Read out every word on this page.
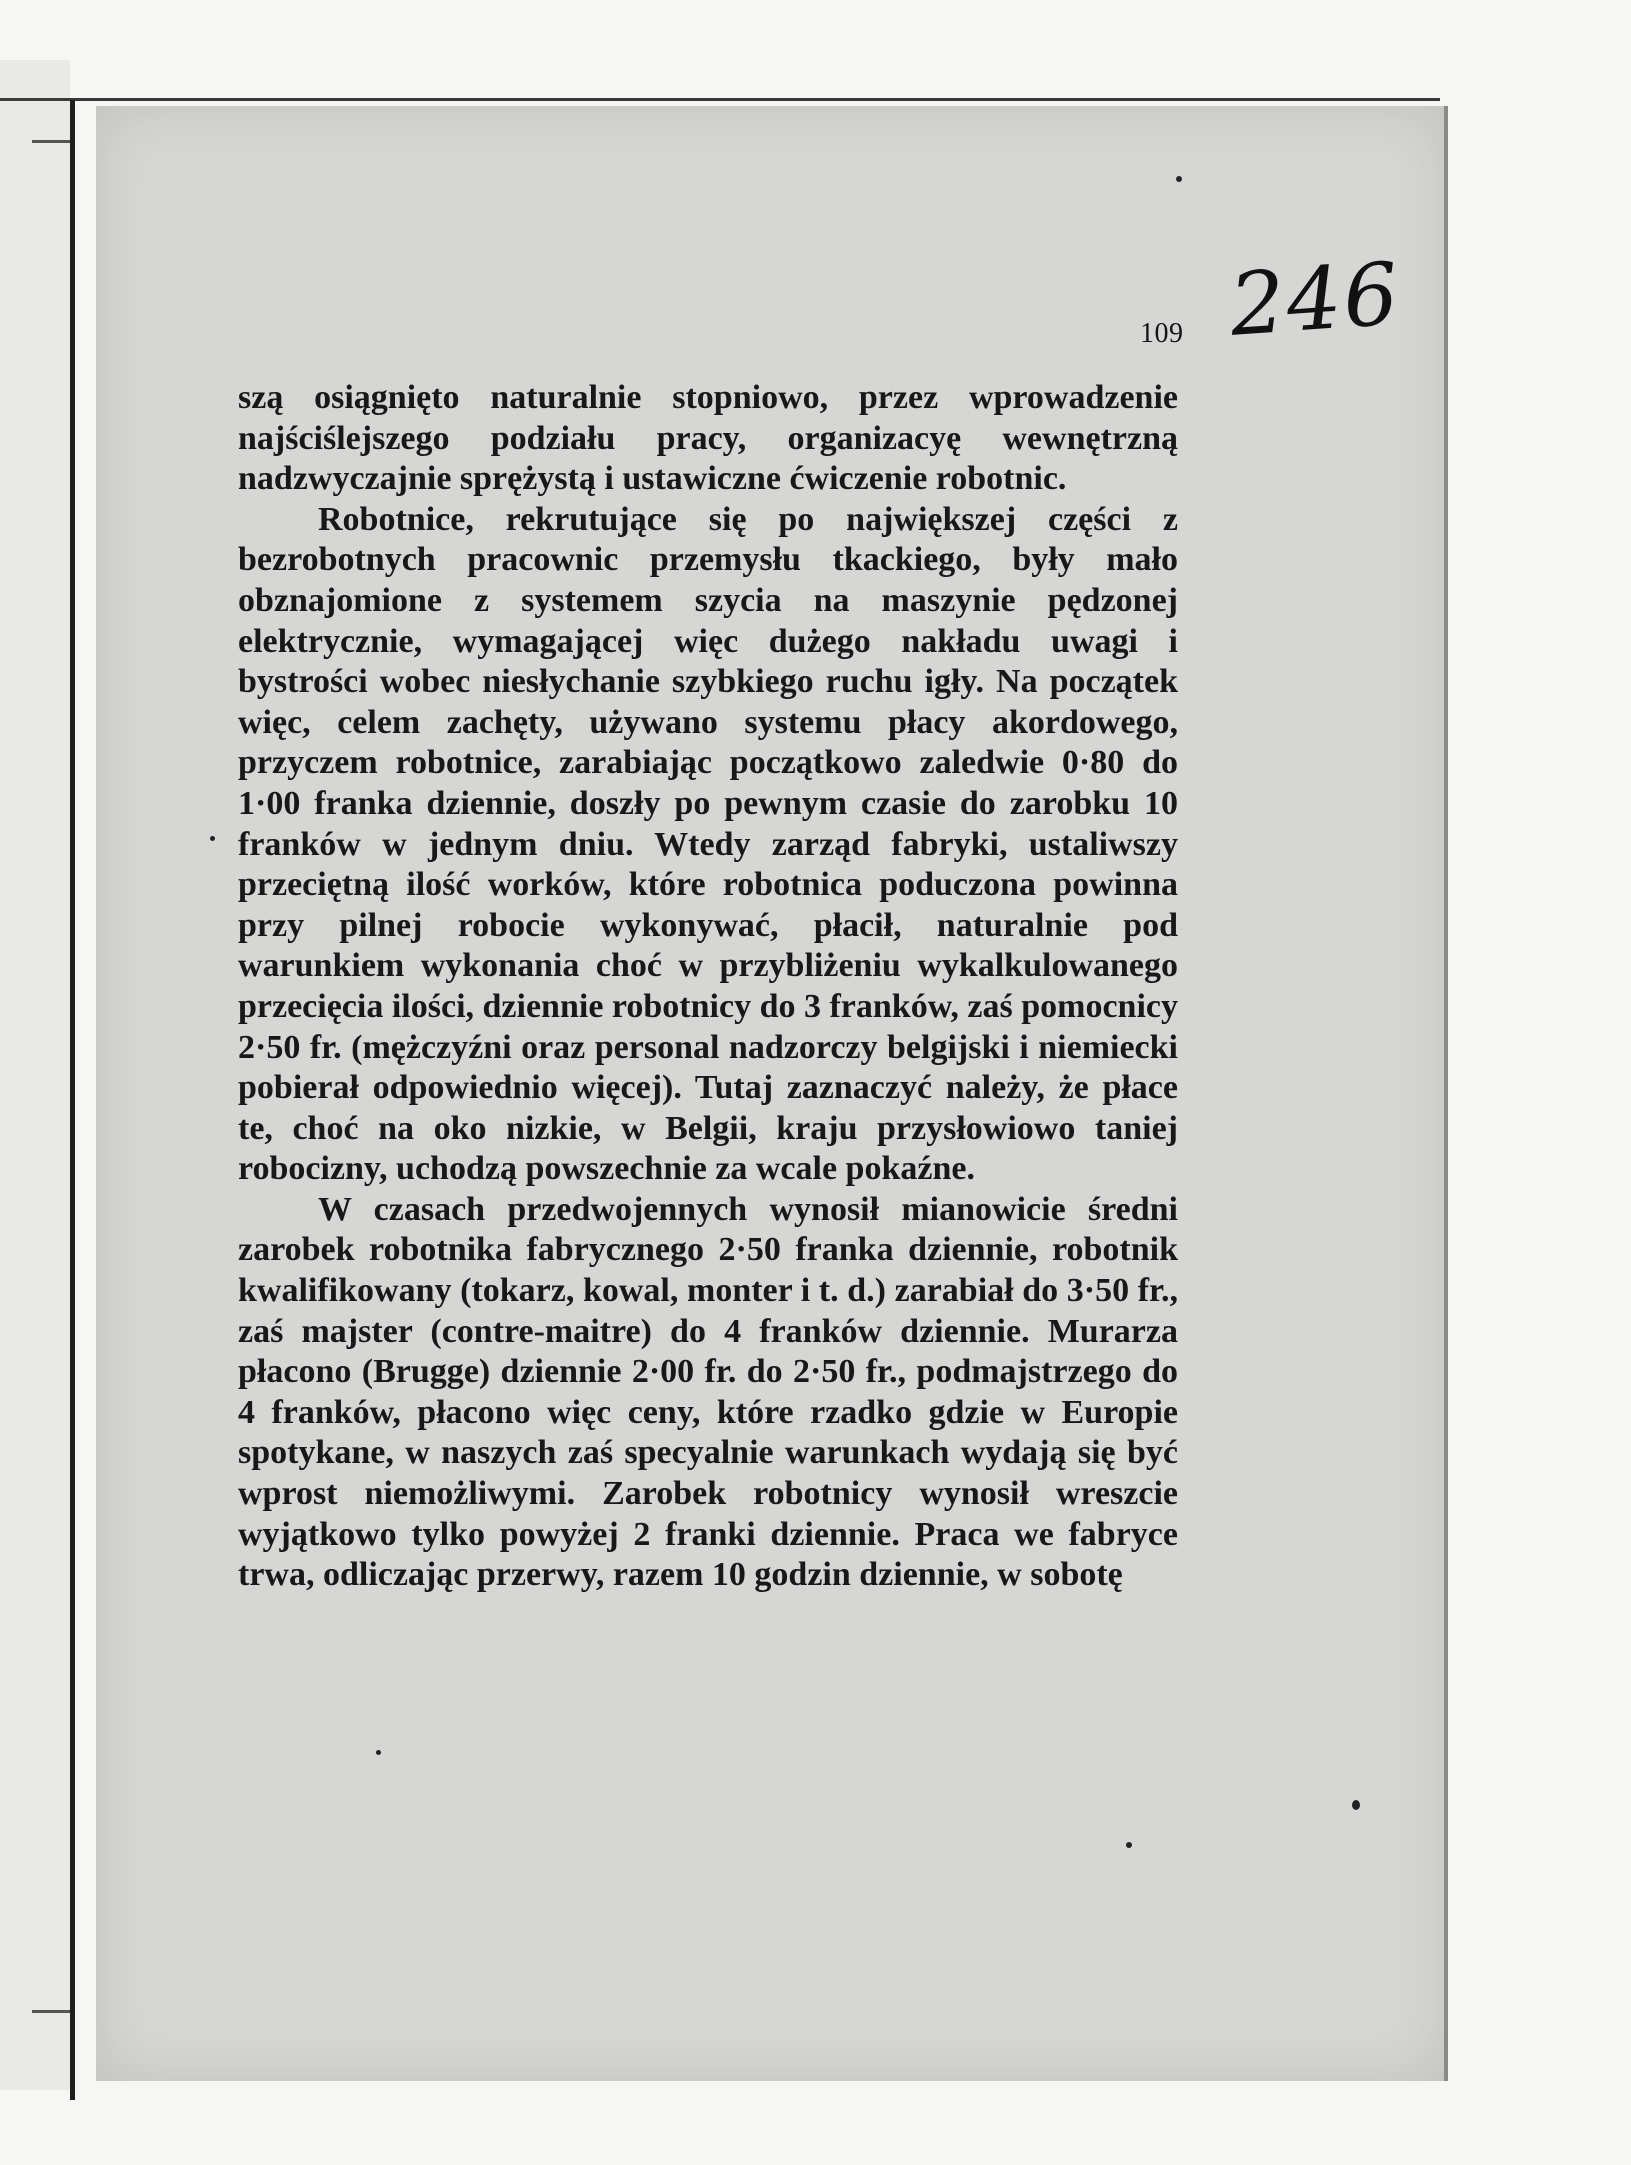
246
109

szą osiągnięto naturalnie stopniowo, przez wprowadzenie najściślejszego podziału pracy, organizacyę wewnętrzną nadzwyczajnie sprężystą i ustawiczne ćwiczenie robotnic.

Robotnice, rekrutujące się po największej części z bezrobotnych pracownic przemysłu tkackiego, były mało obznajomione z systemem szycia na maszynie pędzonej elektrycznie, wymagającej więc dużego nakładu uwagi i bystrości wobec niesłychanie szybkiego ruchu igły. Na początek więc, celem zachęty, używano systemu płacy akordowego, przyczem robotnice, zarabiając początkowo zaledwie 0·80 do 1·00 franka dziennie, doszły po pewnym czasie do zarobku 10 franków w jednym dniu. Wtedy zarząd fabryki, ustaliwszy przeciętną ilość worków, które robotnica poduczona powinna przy pilnej robocie wykonywać, płacił, naturalnie pod warunkiem wykonania choć w przybliżeniu wykalkulowanego przecięcia ilości, dziennie robotnicy do 3 franków, zaś pomocnicy 2·50 fr. (mężczyźni oraz personal nadzorczy belgijski i niemiecki pobierał odpowiednio więcej). Tutaj zaznaczyć należy, że płace te, choć na oko nizkie, w Belgii, kraju przysłowiowo taniej robocizny, uchodzą powszechnie za wcale pokaźne.

W czasach przedwojennych wynosił mianowicie średni zarobek robotnika fabrycznego 2·50 franka dziennie, robotnik kwalifikowany (tokarz, kowal, monter i t. d.) zarabiał do 3·50 fr., zaś majster (contre-maitre) do 4 franków dziennie. Murarza płacono (Brugge) dziennie 2·00 fr. do 2·50 fr., podmajstrzego do 4 franków, płacono więc ceny, które rzadko gdzie w Europie spotykane, w naszych zaś specyalnie warunkach wydają się być wprost niemożliwymi. Zarobek robotnicy wynosił wreszcie wyjątkowo tylko powyżej 2 franki dziennie. Praca we fabryce trwa, odliczając przerwy, razem 10 godzin dziennie, w sobotę
